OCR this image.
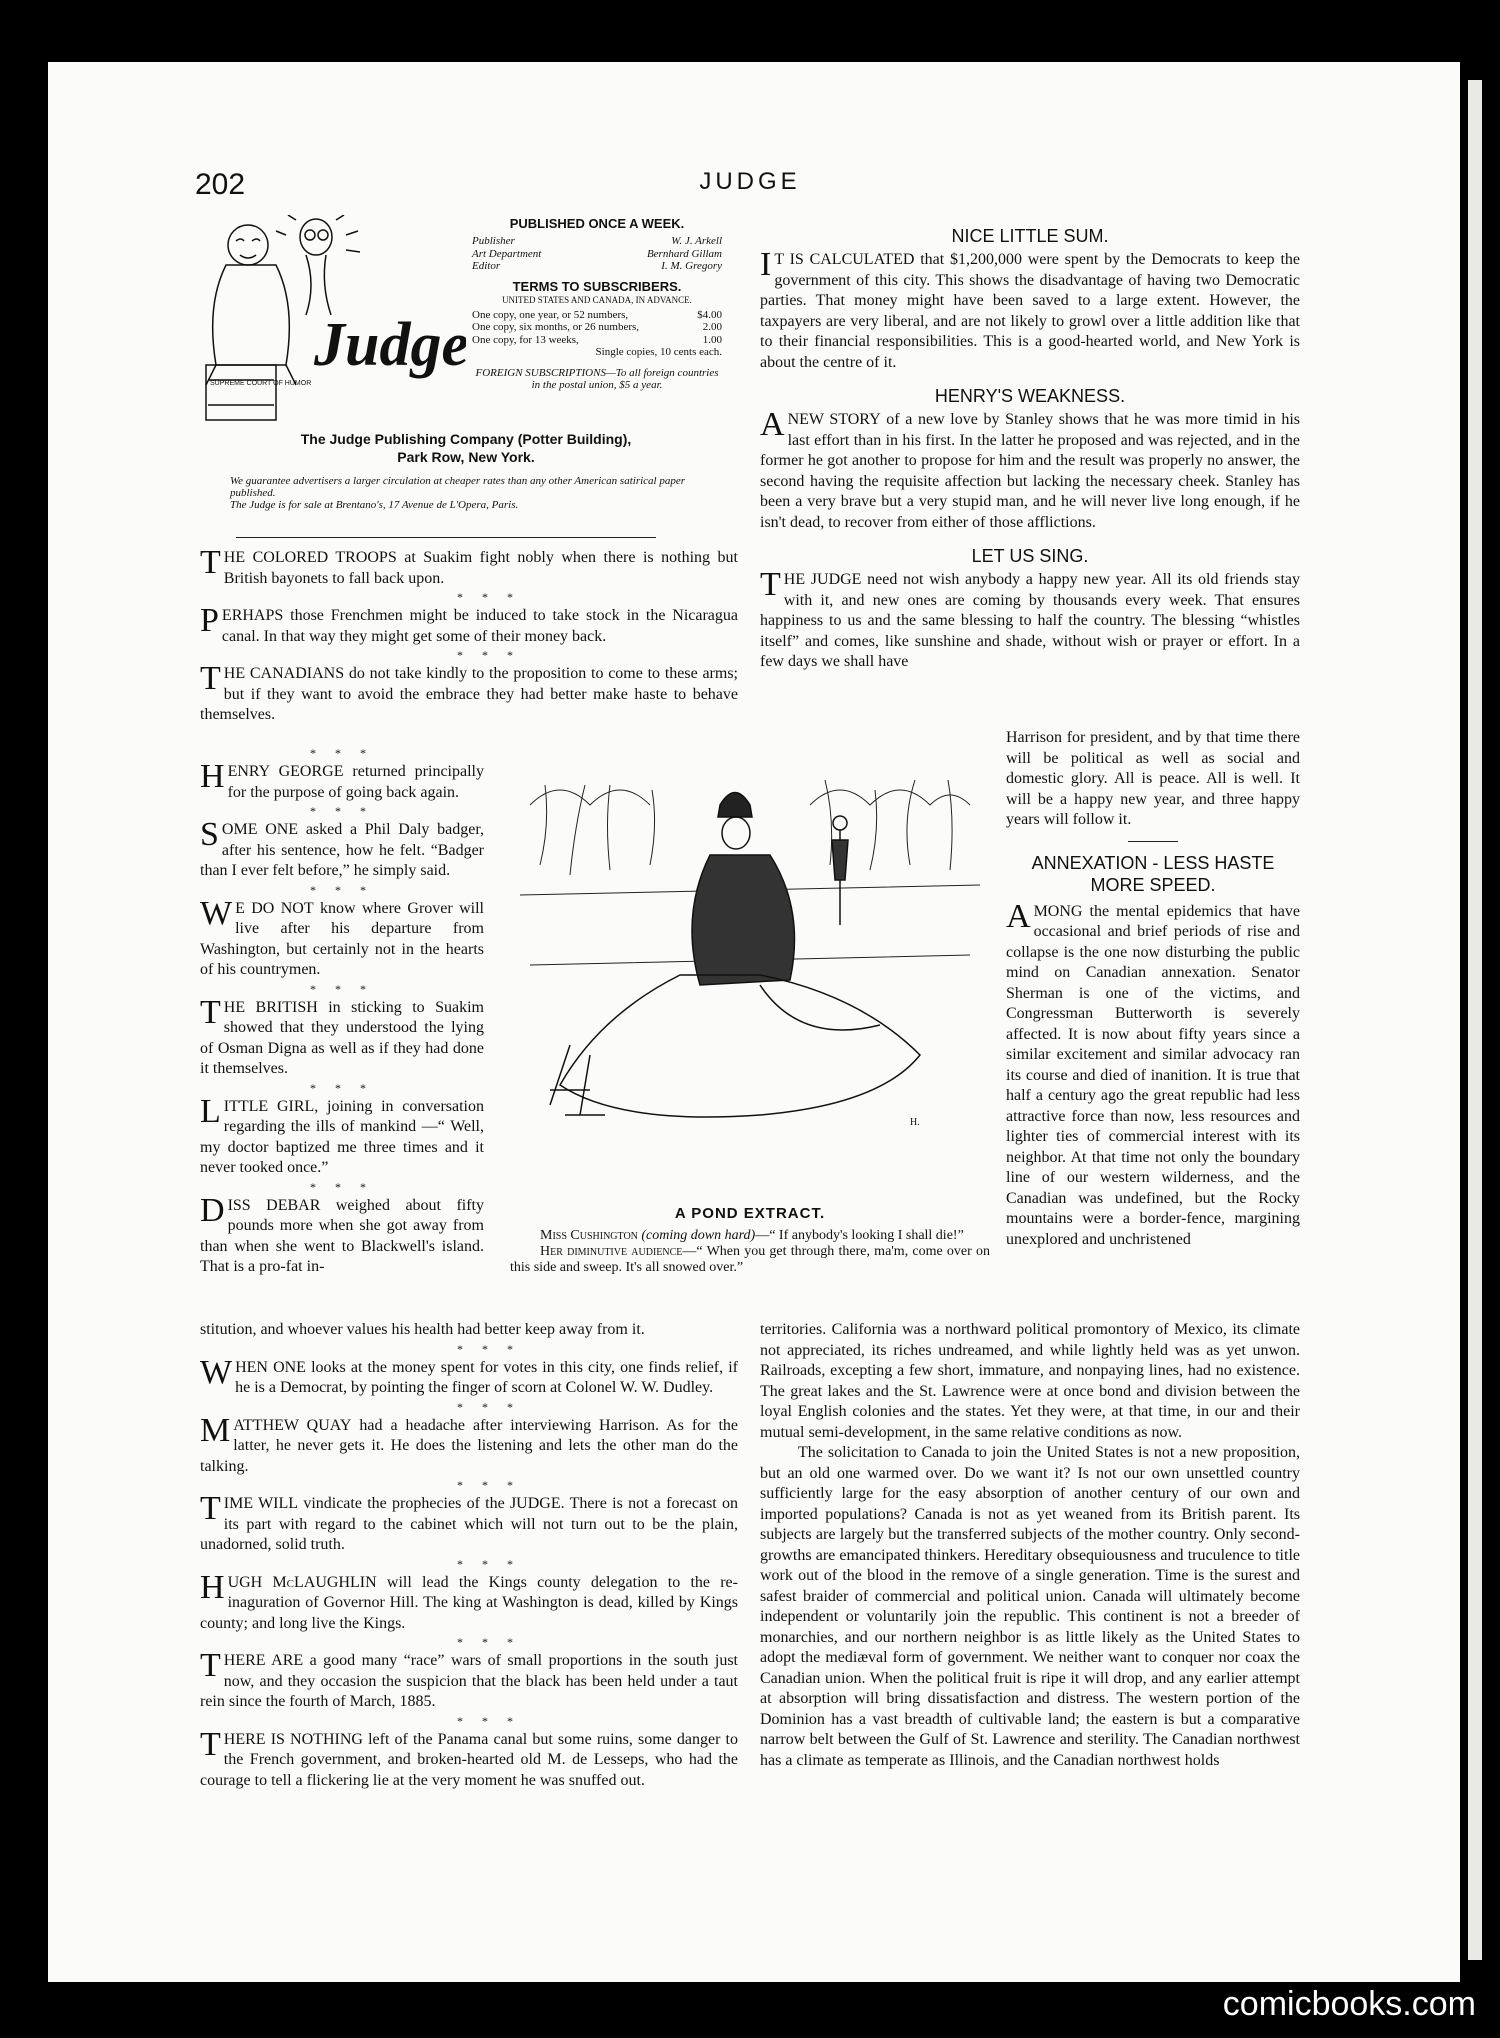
202	JUDGE
Judge
SUPREME COURT OF HUMOR
PUBLISHED ONCE A WEEK.
Publisher	W. J. Arkell
Art Department	Bernhard Gillam
Editor	I. M. Gregory
TERMS TO SUBSCRIBERS.
UNITED STATES AND CANADA, IN ADVANCE.
One copy, one year, or 52 numbers,	$4.00
One copy, six months, or 26 numbers,	2.00
One copy, for 13 weeks,	1.00
Single copies, 10 cents each.
FOREIGN SUBSCRIPTIONS—To all foreign countries in the postal union, $5 a year.
The Judge Publishing Company (Potter Building),
Park Row, New York.
We guarantee advertisers a larger circulation at cheaper rates than any other American satirical paper published.
The Judge is for sale at Brentano's, 17 Avenue de L'Opera, Paris.

THE COLORED TROOPS at Suakim fight nobly when there is nothing but British bayonets to fall back upon.

* * *

PERHAPS those Frenchmen might be induced to take stock in the Nicaragua canal. In that way they might get some of their money back.

* * *

THE CANADIANS do not take kindly to the proposition to come to these arms; but if they want to avoid the embrace they had better make haste to behave themselves.

* * *

HENRY GEORGE returned principally for the purpose of going back again.

* * *

SOME ONE asked a Phil Daly badger, after his sentence, how he felt. “Badger than I ever felt before,” he simply said.

* * *

W E DO NOT know where Grover will live after his departure from Washington, but certainly not in the hearts of his countrymen.

* * *

THE BRITISH in sticking to Suakim showed that they understood the lying of Osman Digna as well as if they had done it themselves.

* * *

LITTLE GIRL, joining in conversation regarding the ills of mankind —“ Well, my doctor baptized me three times and it never tooked once.”

* * *

DISS DEBAR weighed about fifty pounds more when she got away from than when she went to Blackwell's island. That is a pro-fat in-

stitution, and whoever values his health had better keep away from it.

* * *

WHEN ONE looks at the money spent for votes in this city, one finds relief, if he is a Democrat, by pointing the finger of scorn at Colonel W. W. Dudley.

* * *

MATTHEW QUAY had a headache after interviewing Harrison. As for the latter, he never gets it. He does the listening and lets the other man do the talking.

* * *

TIME WILL vindicate the prophecies of the JUDGE. There is not a forecast on its part with regard to the cabinet which will not turn out to be the plain, unadorned, solid truth.

* * *

HUGH McLAUGHLIN will lead the Kings county delegation to the re-inaguration of Governor Hill. The king at Washington is dead, killed by Kings county; and long live the Kings.

* * *

THERE ARE a good many “race” wars of small proportions in the south just now, and they occasion the suspicion that the black has been held under a taut rein since the fourth of March, 1885.

* * *

THERE IS NOTHING left of the Panama canal but some ruins, some danger to the French government, and broken-hearted old M. de Lesseps, who had the courage to tell a flickering lie at the very moment he was snuffed out.

NICE LITTLE SUM.

I T IS CALCULATED that $1,200,000 were spent by the Democrats to keep the government of this city. This shows the disadvantage of having two Democratic parties. That money might have been saved to a large extent. However, the taxpayers are very liberal, and are not likely to growl over a little addition like that to their financial responsibilities. This is a good-hearted world, and New York is about the centre of it.

HENRY'S WEAKNESS.

A NEW STORY of a new love by Stanley shows that he was more timid in his last effort than in his first. In the latter he proposed and was rejected, and in the former he got another to propose for him and the result was properly no answer, the second having the requisite affection but lacking the necessary cheek. Stanley has been a very brave but a very stupid man, and he will never live long enough, if he isn't dead, to recover from either of those afflictions.

LET US SING.

THE JUDGE need not wish anybody a happy new year. All its old friends stay with it, and new ones are coming by thousands every week. That ensures happiness to us and the same blessing to half the country. The blessing “whistles itself” and comes, like sunshine and shade, without wish or prayer or effort. In a few days we shall have

Harrison for president, and by that time there will be political as well as social and domestic glory. All is peace. All is well. It will be a happy new year, and three happy years will follow it.

ANNEXATION - LESS HASTE MORE SPEED.

AMONG the mental epidemics that have occasional and brief periods of rise and collapse is the one now disturbing the public mind on Canadian annexation. Senator Sherman is one of the victims, and Congressman Butterworth is severely affected. It is now about fifty years since a similar excitement and similar advocacy ran its course and died of inanition. It is true that half a century ago the great republic had less attractive force than now, less resources and lighter ties of commercial interest with its neighbor. At that time not only the boundary line of our western wilderness, and the Canadian was undefined, but the Rocky mountains were a border-fence, margining unexplored and unchristened

territories. California was a northward political promontory of Mexico, its climate not appreciated, its riches undreamed, and while lightly held was as yet unwon. Railroads, excepting a few short, immature, and nonpaying lines, had no existence. The great lakes and the St. Lawrence were at once bond and division between the loyal English colonies and the states. Yet they were, at that time, in our and their mutual semi-development, in the same relative conditions as now.

The solicitation to Canada to join the United States is not a new proposition, but an old one warmed over. Do we want it? Is not our own unsettled country sufficiently large for the easy absorption of another century of our own and imported populations? Canada is not as yet weaned from its British parent. Its subjects are largely but the transferred subjects of the mother country. Only second-growths are emancipated thinkers. Hereditary obsequiousness and truculence to title work out of the blood in the remove of a single generation. Time is the surest and safest braider of commercial and political union. Canada will ultimately become independent or voluntarily join the republic. This continent is not a breeder of monarchies, and our northern neighbor is as little likely as the United States to adopt the mediæval form of government. We neither want to conquer nor coax the Canadian union. When the political fruit is ripe it will drop, and any earlier attempt at absorption will bring dissatisfaction and distress. The western portion of the Dominion has a vast breadth of cultivable land; the eastern is but a comparative narrow belt between the Gulf of St. Lawrence and sterility. The Canadian northwest has a climate as temperate as Illinois, and the Canadian northwest holds

H.
A POND EXTRACT.
Miss Cushington (coming down hard)—“ If anybody's looking I shall die!”
Her diminutive audience—“ When you get through there, ma'm, come over on this side and sweep. It's all snowed over.”
comicbooks.com
